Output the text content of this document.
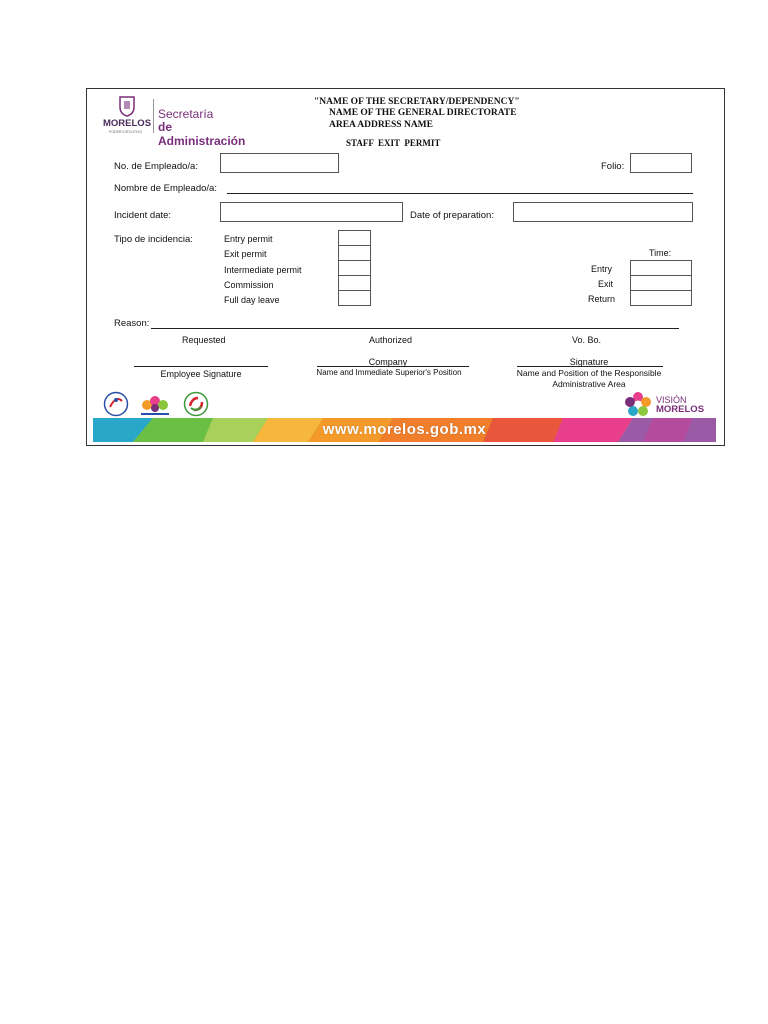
MORELOS
PODER EJECUTIVO
Secretaría
de Administración
"NAME OF THE SECRETARY/DEPENDENCY"
NAME OF THE GENERAL DIRECTORATE
AREA ADDRESS NAME
STAFF  EXIT  PERMIT
No. de Empleado/a:	Folio:
Nombre de Empleado/a:
Incident date:	Date of preparation:
Tipo de incidencia:	Entry permit
Exit permit
Intermediate permit
Commission
Full day leave
Time:
Entry
Exit
Return
Reason:
Requested	Authorized	Vo. Bo.
Employee Signature
Company
Name and Immediate Superior's Position
Signature
Name and Position of the Responsible
Administrative Area
VISIÓN
MORELOS
www.morelos.gob.mx
